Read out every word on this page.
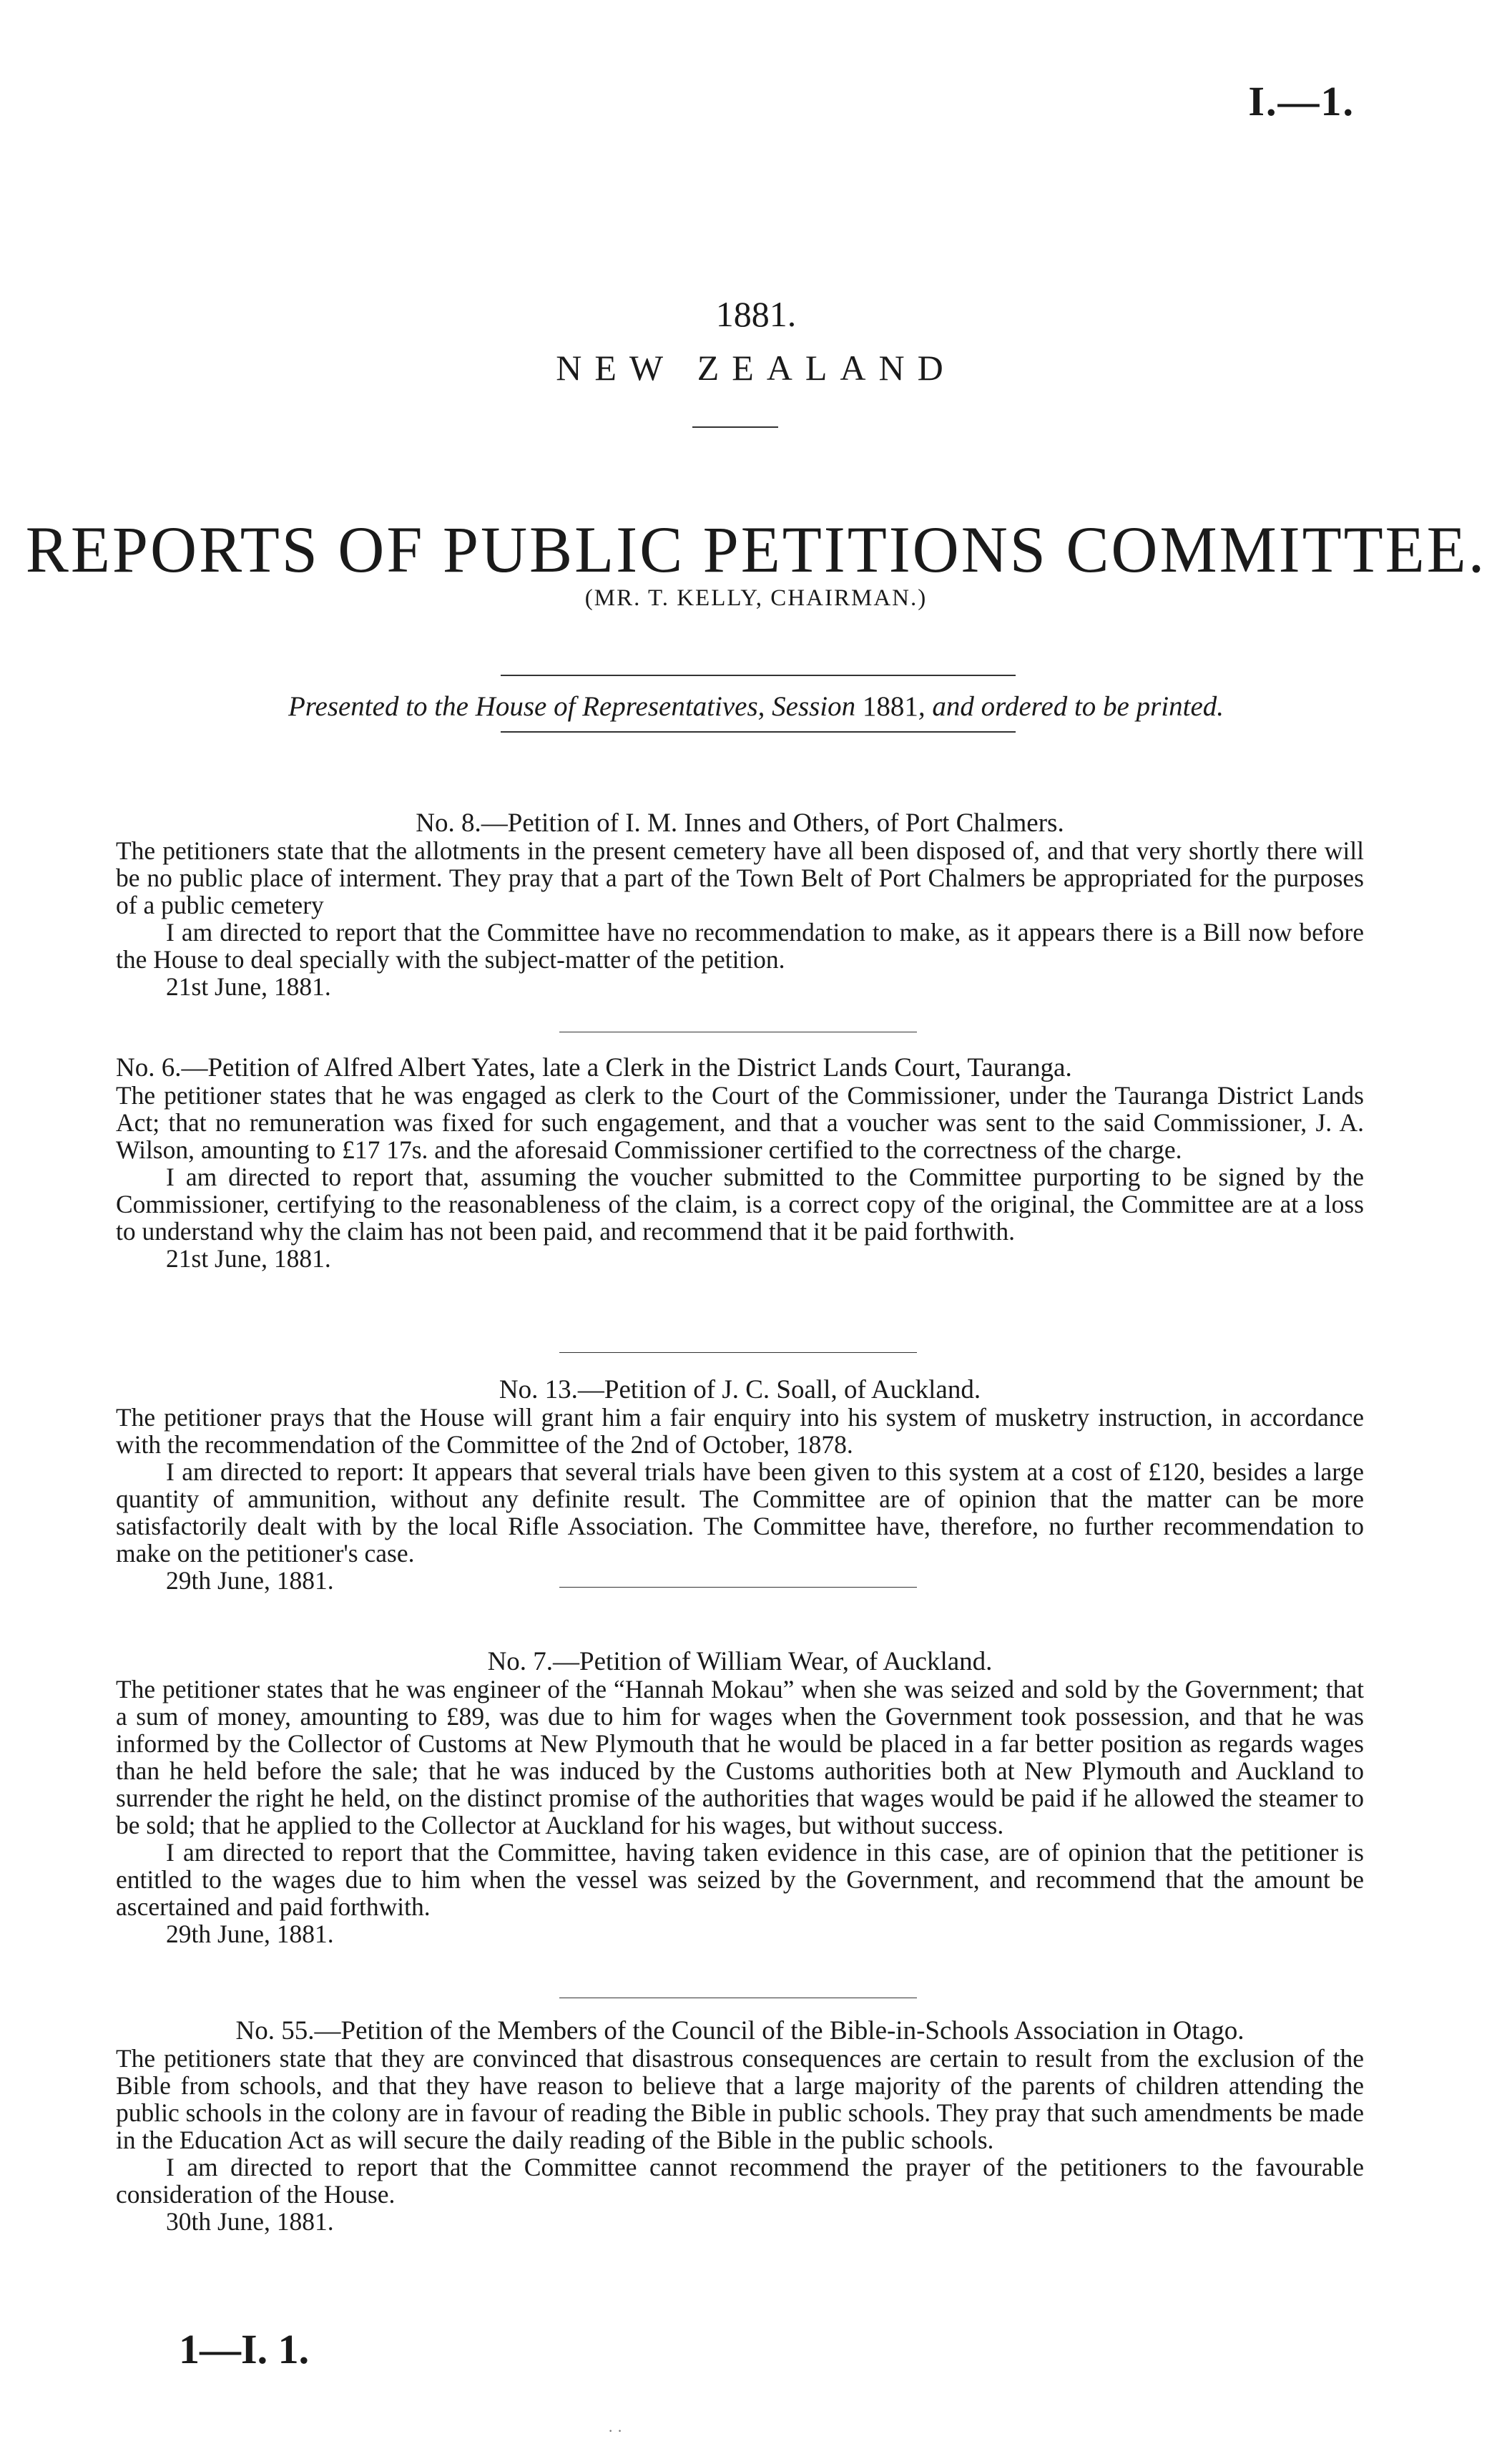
I.—1.
1881.
NEW ZEALAND
REPORTS OF PUBLIC PETITIONS COMMITTEE.
(MR. T. KELLY, CHAIRMAN.)
Presented to the House of Representatives, Session 1881, and ordered to be printed.

No. 8.—Petition of I. M. Innes and Others, of Port Chalmers.

The petitioners state that the allotments in the present cemetery have all been disposed of, and that very shortly there will be no public place of interment. They pray that a part of the Town Belt of Port Chalmers be appropriated for the purposes of a public cemetery

I am directed to report that the Committee have no recommendation to make, as it appears there is a Bill now before the House to deal specially with the subject-matter of the petition.

21st June, 1881.

No. 6.—Petition of Alfred Albert Yates, late a Clerk in the District Lands Court, Tauranga.

The petitioner states that he was engaged as clerk to the Court of the Commissioner, under the Tauranga District Lands Act; that no remuneration was fixed for such engagement, and that a voucher was sent to the said Commissioner, J. A. Wilson, amounting to £17 17s. and the aforesaid Commissioner certified to the correctness of the charge.

I am directed to report that, assuming the voucher submitted to the Committee purporting to be signed by the Commissioner, certifying to the reasonableness of the claim, is a correct copy of the original, the Committee are at a loss to understand why the claim has not been paid, and recommend that it be paid forthwith.

21st June, 1881.

No. 13.—Petition of J. C. Soall, of Auckland.

The petitioner prays that the House will grant him a fair enquiry into his system of musketry instruction, in accordance with the recommendation of the Committee of the 2nd of October, 1878.

I am directed to report: It appears that several trials have been given to this system at a cost of £120, besides a large quantity of ammunition, without any definite result. The Committee are of opinion that the matter can be more satisfactorily dealt with by the local Rifle Association. The Committee have, therefore, no further recommendation to make on the petitioner's case.

29th June, 1881.

No. 7.—Petition of William Wear, of Auckland.

The petitioner states that he was engineer of the “Hannah Mokau” when she was seized and sold by the Government; that a sum of money, amounting to £89, was due to him for wages when the Government took possession, and that he was informed by the Collector of Customs at New Plymouth that he would be placed in a far better position as regards wages than he held before the sale; that he was induced by the Customs authorities both at New Plymouth and Auckland to surrender the right he held, on the distinct promise of the authorities that wages would be paid if he allowed the steamer to be sold; that he applied to the Collector at Auckland for his wages, but without success.

I am directed to report that the Committee, having taken evidence in this case, are of opinion that the petitioner is entitled to the wages due to him when the vessel was seized by the Government, and recommend that the amount be ascertained and paid forthwith.

29th June, 1881.

No. 55.—Petition of the Members of the Council of the Bible-in-Schools Association in Otago.

The petitioners state that they are convinced that disastrous consequences are certain to result from the exclusion of the Bible from schools, and that they have reason to believe that a large majority of the parents of children attending the public schools in the colony are in favour of reading the Bible in public schools. They pray that such amendments be made in the Education Act as will secure the daily reading of the Bible in the public schools.

I am directed to report that the Committee cannot recommend the prayer of the petitioners to the favourable consideration of the House.

30th June, 1881.

1—I. 1.
· ·
